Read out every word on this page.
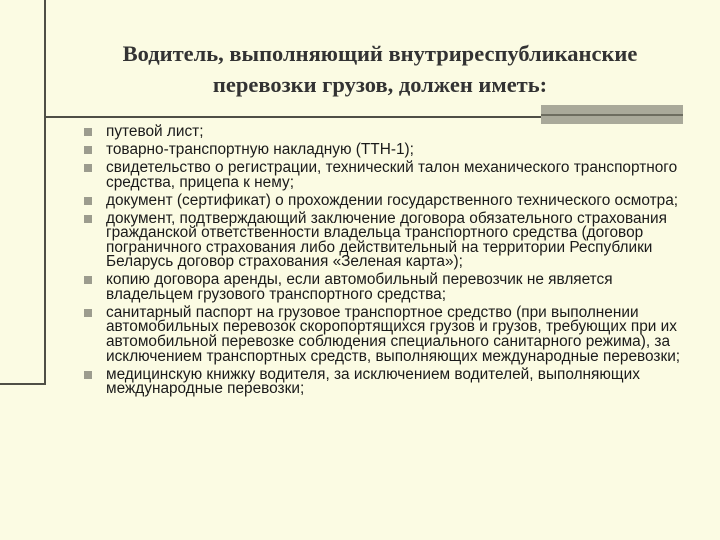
Водитель, выполняющий внутриреспубликанские
перевозки грузов, должен иметь:
путевой лист;
товарно-транспортную накладную (ТТН-1);
свидетельство о регистрации, технический талон механического транспортного средства, прицепа к нему;
документ (сертификат) о прохождении государственного технического осмотра;
документ, подтверждающий заключение договора обязательного страхования гражданской ответственности владельца транспортного средства (договор пограничного страхования либо действительный на территории Республики Беларусь договор страхования «Зеленая карта»);
копию договора аренды, если автомобильный перевозчик не является владельцем грузового транспортного средства;
санитарный паспорт на грузовое транспортное средство (при выполнении автомобильных перевозок скоропортящихся грузов и грузов, требующих при их автомобильной перевозке соблюдения специального санитарного режима), за исключением транспортных средств, выполняющих международные перевозки;
медицинскую книжку водителя, за исключением водителей, выполняющих международные перевозки;
